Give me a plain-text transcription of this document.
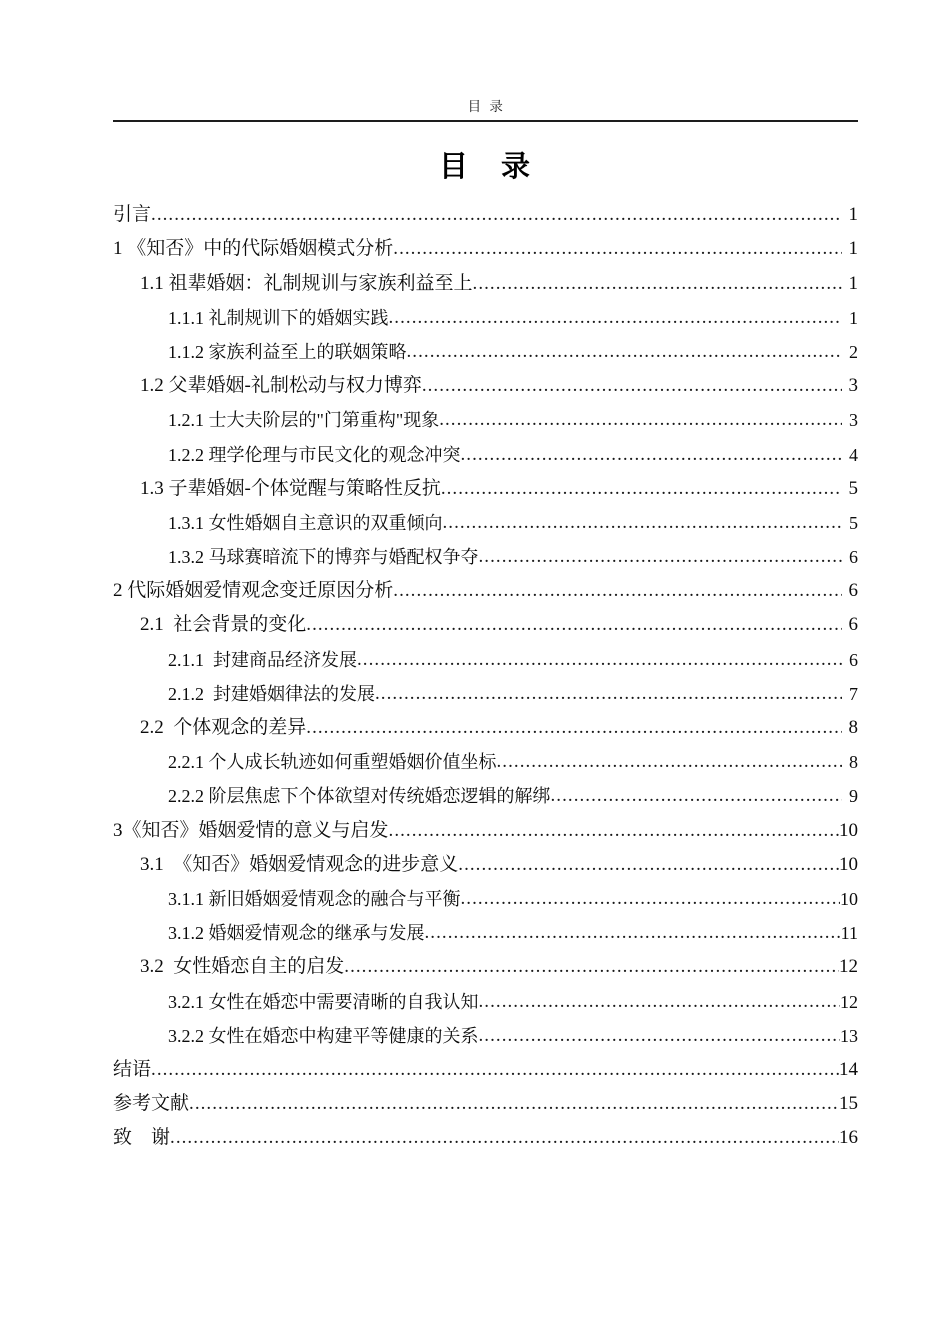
目  录
目　录
引言 .....	1
1 《知否》中的代际婚姻模式分析 .....	1
1.1 祖辈婚姻：礼制规训与家族利益至上 .....	1
1.1.1 礼制规训下的婚姻实践 .....	1
1.1.2 家族利益至上的联姻策略 .....	2
1.2 父辈婚姻-礼制松动与权力博弈 .....	3
1.2.1 士大夫阶层的"门第重构"现象 .....	3
1.2.2 理学伦理与市民文化的观念冲突 .....	4
1.3 子辈婚姻-个体觉醒与策略性反抗 .....	5
1.3.1 女性婚姻自主意识的双重倾向 .....	5
1.3.2 马球赛暗流下的博弈与婚配权争夺 .....	6
2 代际婚姻爱情观念变迁原因分析 .....	6
2.1  社会背景的变化 .....	6
2.1.1  封建商品经济发展 .....	6
2.1.2  封建婚姻律法的发展 .....	7
2.2  个体观念的差异 .....	8
2.2.1 个人成长轨迹如何重塑婚姻价值坐标 .....	8
2.2.2 阶层焦虑下个体欲望对传统婚恋逻辑的解绑 .....	9
3《知否》婚姻爱情的意义与启发 .....	10
3.1  《知否》婚姻爱情观念的进步意义 .....	10
3.1.1 新旧婚姻爱情观念的融合与平衡 .....	10
3.1.2 婚姻爱情观念的继承与发展 .....	11
3.2  女性婚恋自主的启发 .....	12
3.2.1 女性在婚恋中需要清晰的自我认知 .....	12
3.2.2 女性在婚恋中构建平等健康的关系 .....	13
结语 .....	14
参考文献 .....	15
致　谢 .....	16
